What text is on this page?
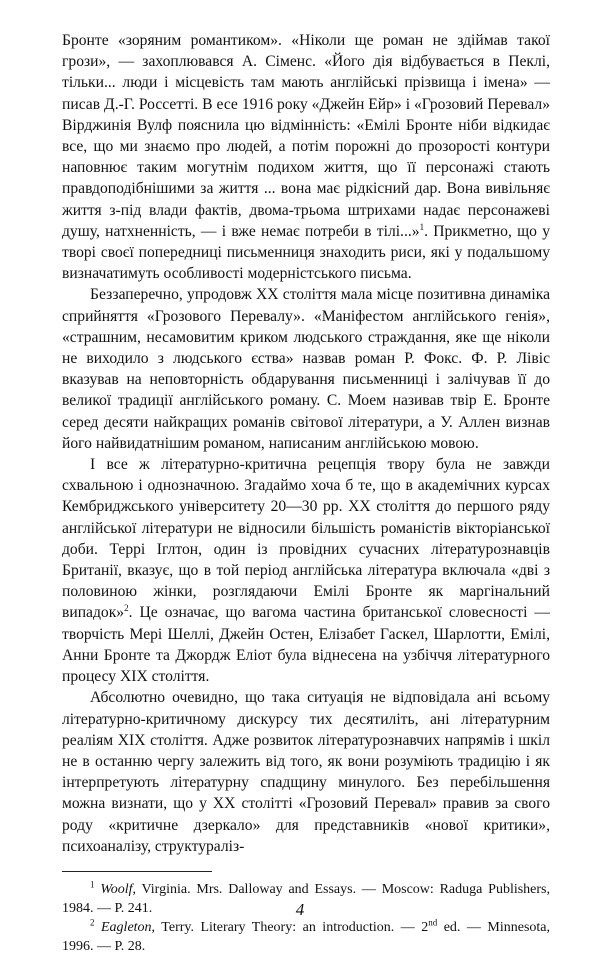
Бронте «зоряним романтиком». «Ніколи ще роман не здіймав такої грози», — захоплювався А. Сіменс. «Його дія відбувається в Пеклі, тільки... люди і місцевість там мають англійські прізвища і імена» — писав Д.-Г. Россетті. В есе 1916 року «Джейн Ейр» і «Грозовий Перевал» Вірджинія Вулф пояснила цю відмінність: «Емілі Бронте ніби відкидає все, що ми знаємо про людей, а потім порожні до прозорості контури наповнює таким могутнім подихом життя, що її персонажі стають правдоподібнішими за життя ... вона має рідкісний дар. Вона вивільняє життя з-під влади фактів, двома-трьома штрихами надає персонажеві душу, натхненність, — і вже немає потреби в тілі...»$^1$. Прикметно, що у творі своєї попередниці письменниця знаходить риси, які у подальшому визначатимуть особливості модерністського письма.

Беззаперечно, упродовж ХХ століття мала місце позитивна динаміка сприйняття «Грозового Перевалу». «Маніфестом англійського генія», «страшним, несамовитим криком людського страждання, яке ще ніколи не виходило з людського єства» назвав роман Р. Фокс. Ф. Р. Лівіс вказував на неповторність обдарування письменниці і залічував її до великої традиції англійського роману. С. Моем називав твір Е. Бронте серед десяти найкращих романів світової літератури, а У. Аллен визнав його найвидатнішим романом, написаним англійською мовою.

І все ж літературно-критична рецепція твору була не завжди схвальною і однозначною. Згадаймо хоча б те, що в академічних курсах Кембриджського університету 20—30 рр. ХХ століття до першого ряду англійської літератури не відносили більшість романістів вікторіанської доби. Террі Іглтон, один із провідних сучасних літературознавців Британії, вказує, що в той період англійська література включала «дві з половиною жінки, розглядаючи Емілі Бронте як маргінальний випадок»$^2$. Це означає, що вагома частина британської словесності — творчість Мері Шеллі, Джейн Остен, Елізабет Гаскел, Шарлотти, Емілі, Анни Бронте та Джордж Еліот була віднесена на узбіччя літературного процесу ХІХ століття.

Абсолютно очевидно, що така ситуація не відповідала ані всьому літературно-критичному дискурсу тих десятиліть, ані літературним реаліям ХІХ століття. Адже розвиток літературознавчих напрямів і шкіл не в останню чергу залежить від того, як вони розуміють традицію і як інтерпретують літературну спадщину минулого. Без перебільшення можна визнати, що у ХХ столітті «Грозовий Перевал» правив за свого роду «критичне дзеркало» для представників «нової критики», психоаналізу, структураліз-

$^1$ Woolf, Virginia. Mrs. Dalloway and Essays. — Moscow: Raduga Publishers, 1984. — P. 241.

$^2$ Eagleton, Terry. Literary Theory: an introduction. — 2nd ed. — Minnesota, 1996. — P. 28.

4
